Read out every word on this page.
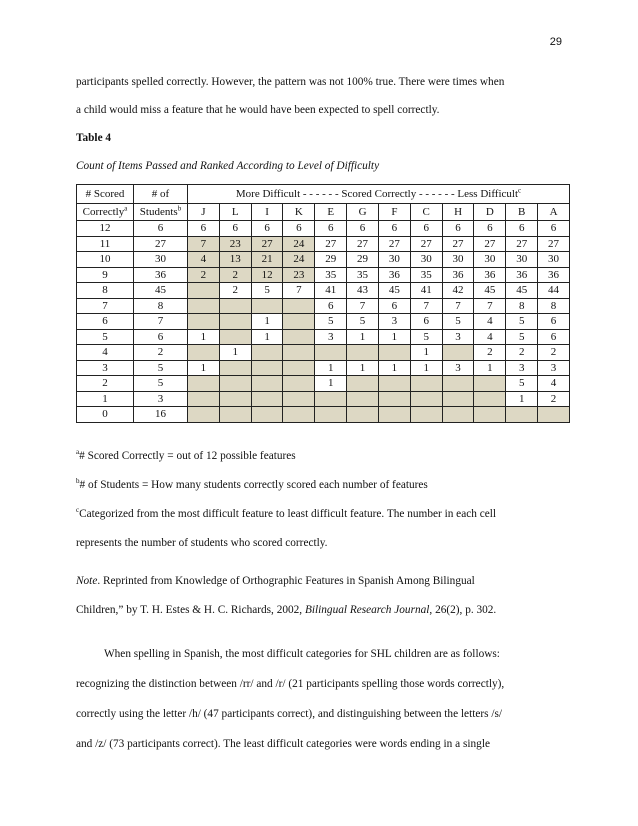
29
participants spelled correctly. However, the pattern was not 100% true. There were times when
a child would miss a feature that he would have been expected to spell correctly.
Table 4
Count of Items Passed and Ranked According to Level of Difficulty
# Scored	# of	More Difficult - - - - - - Scored Correctly - - - - - - Less Difficult$^c$
Correctly$^a$	Students$^b$	J	L	I	K	E	G	F	C	H	D	B	A
12	6	6	6	6	6	6	6	6	6	6	6	6	6
11	27	7	23	27	24	27	27	27	27	27	27	27	27
10	30	4	13	21	24	29	29	30	30	30	30	30	30
9	36	2	2	12	23	35	35	36	35	36	36	36	36
8	45		2	5	7	41	43	45	41	42	45	45	44
7	8					6	7	6	7	7	7	8	8
6	7			1		5	5	3	6	5	4	5	6
5	6	1		1		3	1	1	5	3	4	5	6
4	2		1						1		2	2	2
3	5	1				1	1	1	1	3	1	3	3
2	5					1						5	4
1	3											1	2
0	16												
$^a$# Scored Correctly = out of 12 possible features
$^b$# of Students = How many students correctly scored each number of features
$^c$Categorized from the most difficult feature to least difficult feature. The number in each cell
represents the number of students who scored correctly.
Note. Reprinted from Knowledge of Orthographic Features in Spanish Among Bilingual
Children,” by T. H. Estes & H. C. Richards, 2002, Bilingual Research Journal, 26(2), p. 302.
When spelling in Spanish, the most difficult categories for SHL children are as follows:
recognizing the distinction between /rr/ and /r/ (21 participants spelling those words correctly),
correctly using the letter /h/ (47 participants correct), and distinguishing between the letters /s/
and /z/ (73 participants correct). The least difficult categories were words ending in a single
